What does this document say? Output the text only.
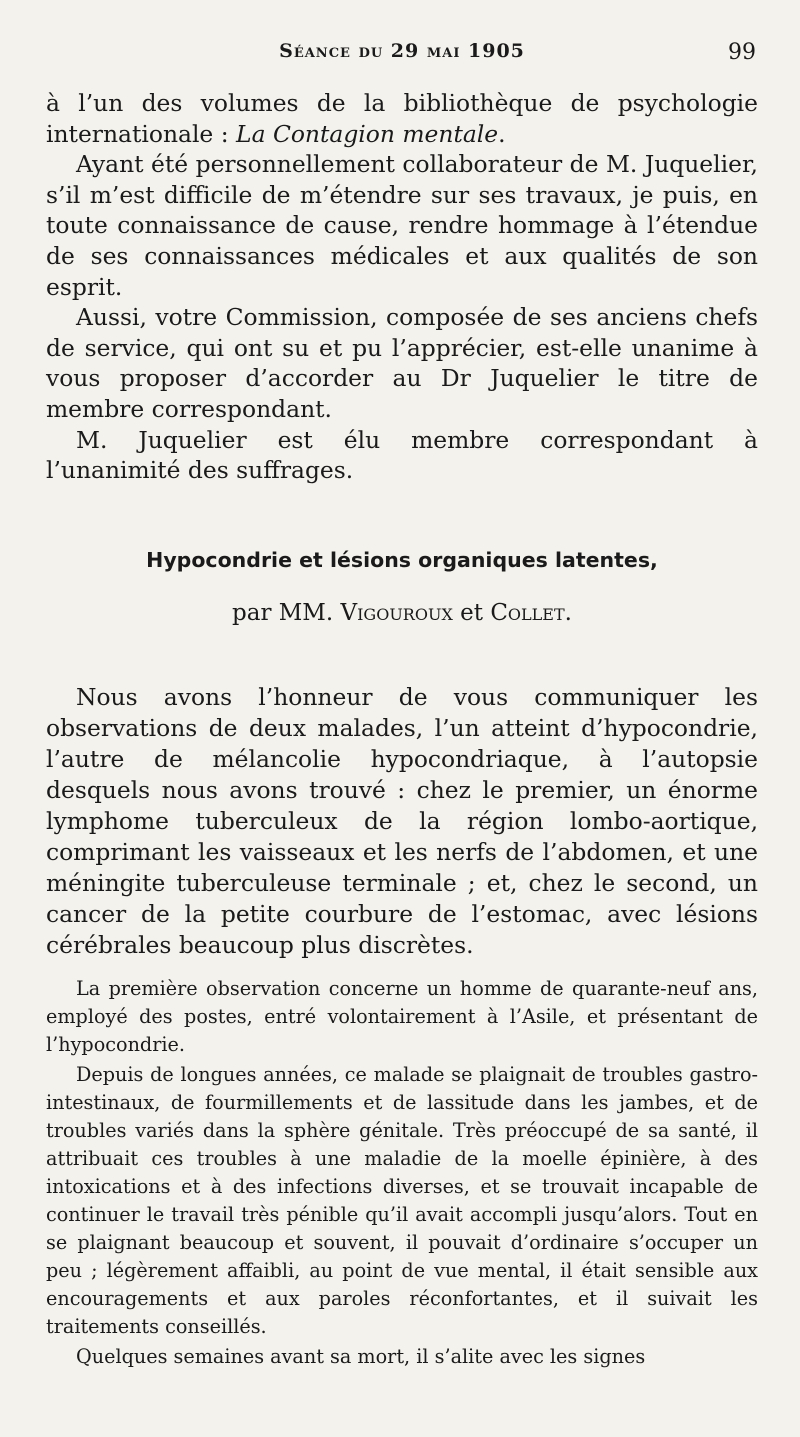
Séance du 29 mai 1905	99

à l’un des volumes de la bibliothèque de psychologie internationale : La Contagion mentale.

Ayant été personnellement collaborateur de M. Juquelier, s’il m’est difficile de m’étendre sur ses travaux, je puis, en toute connaissance de cause, rendre hommage à l’étendue de ses connaissances médicales et aux qualités de son esprit.

Aussi, votre Commission, composée de ses anciens chefs de service, qui ont su et pu l’apprécier, est-elle unanime à vous proposer d’accorder au Dr Juquelier le titre de membre correspondant.

M. Juquelier est élu membre correspondant à l’unanimité des suffrages.

Hypocondrie et lésions organiques latentes,
par MM. Vigouroux et Collet.

Nous avons l’honneur de vous communiquer les observations de deux malades, l’un atteint d’hypocondrie, l’autre de mélancolie hypocondriaque, à l’autopsie desquels nous avons trouvé : chez le premier, un énorme lymphome tuberculeux de la région lombo-aortique, comprimant les vaisseaux et les nerfs de l’abdomen, et une méningite tuberculeuse terminale ; et, chez le second, un cancer de la petite courbure de l’estomac, avec lésions cérébrales beaucoup plus discrètes.

La première observation concerne un homme de quarante-neuf ans, employé des postes, entré volontairement à l’Asile, et présentant de l’hypocondrie.

Depuis de longues années, ce malade se plaignait de troubles gastro-intestinaux, de fourmillements et de lassitude dans les jambes, et de troubles variés dans la sphère génitale. Très préoccupé de sa santé, il attribuait ces troubles à une maladie de la moelle épinière, à des intoxications et à des infections diverses, et se trouvait incapable de continuer le travail très pénible qu’il avait accompli jusqu’alors. Tout en se plaignant beaucoup et souvent, il pouvait d’ordinaire s’occuper un peu ; légèrement affaibli, au point de vue mental, il était sensible aux encouragements et aux paroles réconfortantes, et il suivait les traitements conseillés.

Quelques semaines avant sa mort, il s’alite avec les signes
